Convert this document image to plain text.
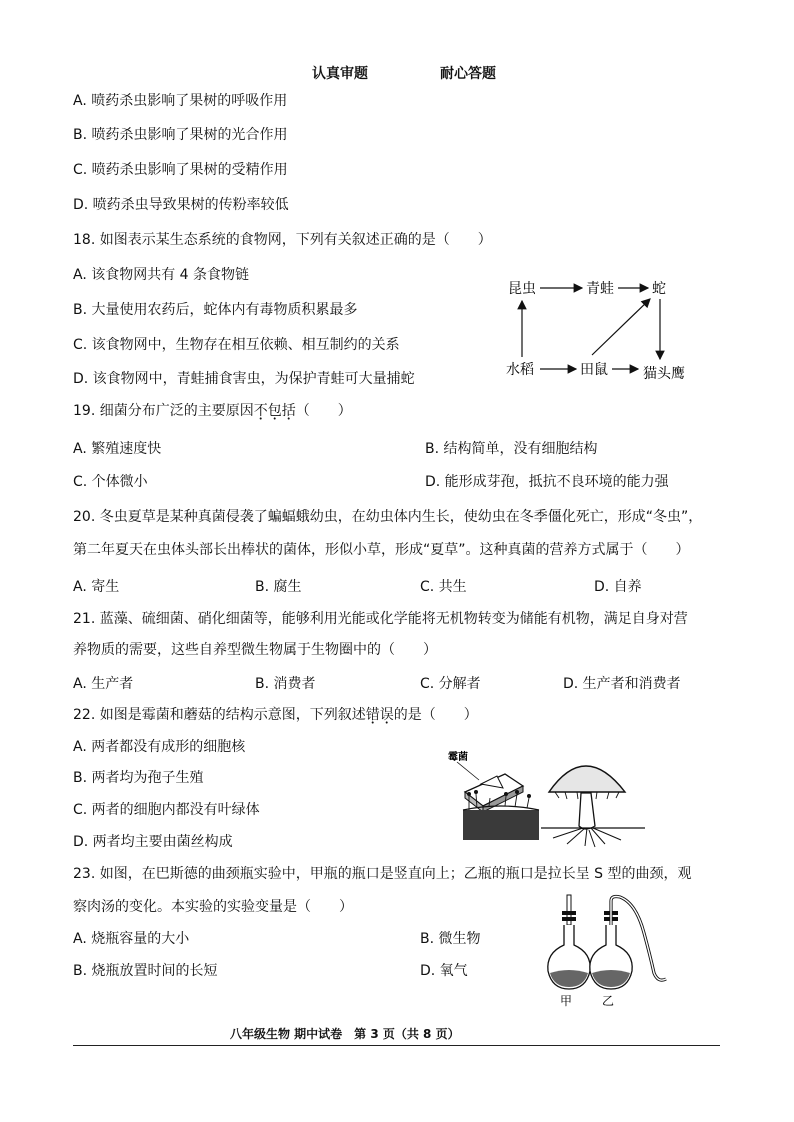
认真审题	耐心答题
A. 喷药杀虫影响了果树的呼吸作用
B. 喷药杀虫影响了果树的光合作用
C. 喷药杀虫影响了果树的受精作用
D. 喷药杀虫导致果树的传粉率较低
18. 如图表示某生态系统的食物网，下列有关叙述正确的是（　　）
A. 该食物网共有 4 条食物链
B. 大量使用农药后，蛇体内有毒物质积累最多
C. 该食物网中，生物存在相互依赖、相互制约的关系
D. 该食物网中，青蛙捕食害虫，为保护青蛙可大量捕蛇
昆虫	青蛙	蛇
水稻	田鼠	猫头鹰
19. 细菌分布广泛的主要原因不包括（　　）
A. 繁殖速度快	B. 结构简单，没有细胞结构
C. 个体微小	D. 能形成芽孢，抵抗不良环境的能力强
20. 冬虫夏草是某种真菌侵袭了蝙蝠蛾幼虫，在幼虫体内生长，使幼虫在冬季僵化死亡，形成“冬虫”，
第二年夏天在虫体头部长出棒状的菌体，形似小草，形成“夏草”。这种真菌的营养方式属于（　　）
A. 寄生	B. 腐生	C. 共生	D. 自养
21. 蓝藻、硫细菌、硝化细菌等，能够利用光能或化学能将无机物转变为储能有机物，满足自身对营
养物质的需要，这些自养型微生物属于生物圈中的（　　）
A. 生产者	B. 消费者	C. 分解者	D. 生产者和消费者
22. 如图是霉菌和蘑菇的结构示意图，下列叙述错误的是（　　）
A. 两者都没有成形的细胞核
B. 两者均为孢子生殖
C. 两者的细胞内都没有叶绿体
D. 两者均主要由菌丝构成
霉菌
23. 如图，在巴斯德的曲颈瓶实验中，甲瓶的瓶口是竖直向上；乙瓶的瓶口是拉长呈 S 型的曲颈，观
察肉汤的变化。本实验的实验变量是（　　）
A. 烧瓶容量的大小	B. 微生物
B. 烧瓶放置时间的长短	D. 氧气
甲 乙
八年级生物 期中试卷　第 3 页（共 8 页）
